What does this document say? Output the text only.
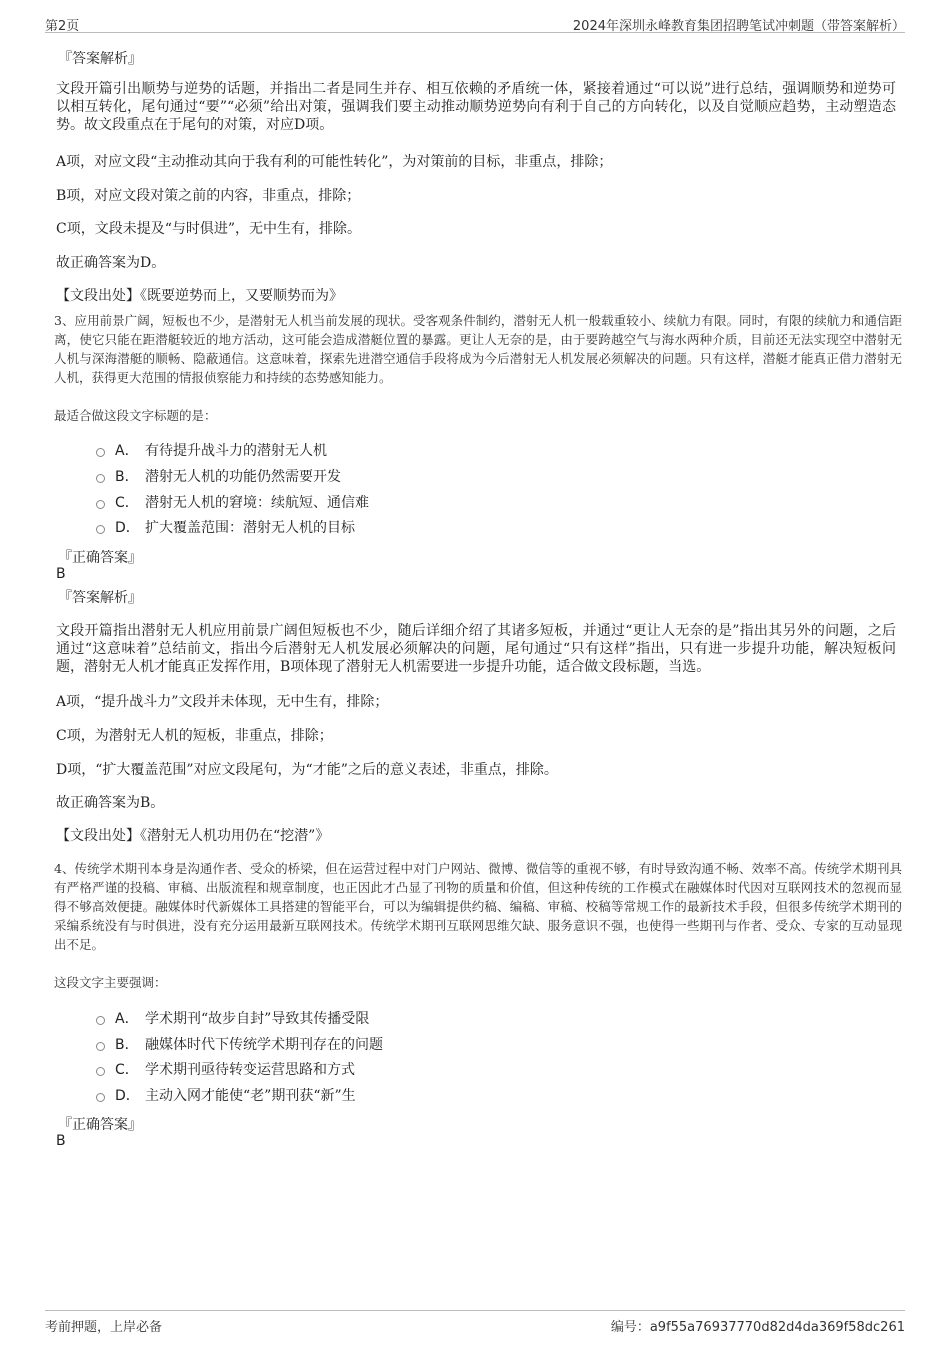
第2页	2024年深圳永峰教育集团招聘笔试冲刺题（带答案解析）
『答案解析』
文段开篇引出顺势与逆势的话题，并指出二者是同生并存、相互依赖的矛盾统一体，紧接着通过“可以说”进行总结，强调顺势和逆势可以相互转化，尾句通过“要”“必须”给出对策，强调我们要主动推动顺势逆势向有利于自己的方向转化，以及自觉顺应趋势，主动塑造态势。故文段重点在于尾句的对策，对应D项。
A项，对应文段“主动推动其向于我有利的可能性转化”，为对策前的目标，非重点，排除；
B项，对应文段对策之前的内容，非重点，排除；
C项，文段未提及“与时俱进”，无中生有，排除。
故正确答案为D。
【文段出处】《既要逆势而上，又要顺势而为》
3、应用前景广阔，短板也不少，是潜射无人机当前发展的现状。受客观条件制约，潜射无人机一般载重较小、续航力有限。同时，有限的续航力和通信距离，使它只能在距潜艇较近的地方活动，这可能会造成潜艇位置的暴露。更让人无奈的是，由于要跨越空气与海水两种介质，目前还无法实现空中潜射无人机与深海潜艇的顺畅、隐蔽通信。这意味着，探索先进潜空通信手段将成为今后潜射无人机发展必须解决的问题。只有这样，潜艇才能真正借力潜射无人机，获得更大范围的情报侦察能力和持续的态势感知能力。
最适合做这段文字标题的是：
A． 有待提升战斗力的潜射无人机
B． 潜射无人机的功能仍然需要开发
C． 潜射无人机的窘境：续航短、通信难
D． 扩大覆盖范围：潜射无人机的目标
『正确答案』
B
『答案解析』
文段开篇指出潜射无人机应用前景广阔但短板也不少，随后详细介绍了其诸多短板，并通过“更让人无奈的是”指出其另外的问题，之后通过“这意味着”总结前文，指出今后潜射无人机发展必须解决的问题，尾句通过“只有这样”指出，只有进一步提升功能，解决短板问题，潜射无人机才能真正发挥作用，B项体现了潜射无人机需要进一步提升功能，适合做文段标题，当选。
A项，“提升战斗力”文段并未体现，无中生有，排除；
C项，为潜射无人机的短板，非重点，排除；
D项，“扩大覆盖范围”对应文段尾句，为“才能”之后的意义表述，非重点，排除。
故正确答案为B。
【文段出处】《潜射无人机功用仍在“挖潜”》
4、传统学术期刊本身是沟通作者、受众的桥梁，但在运营过程中对门户网站、微博、微信等的重视不够，有时导致沟通不畅、效率不高。传统学术期刊具有严格严谨的投稿、审稿、出版流程和规章制度，也正因此才凸显了刊物的质量和价值，但这种传统的工作模式在融媒体时代因对互联网技术的忽视而显得不够高效便捷。融媒体时代新媒体工具搭建的智能平台，可以为编辑提供约稿、编稿、审稿、校稿等常规工作的最新技术手段，但很多传统学术期刊的采编系统没有与时俱进，没有充分运用最新互联网技术。传统学术期刊互联网思维欠缺、服务意识不强，也使得一些期刊与作者、受众、专家的互动显现出不足。
这段文字主要强调：
A． 学术期刊“故步自封”导致其传播受限
B． 融媒体时代下传统学术期刊存在的问题
C． 学术期刊亟待转变运营思路和方式
D． 主动入网才能使“老”期刊获“新”生
『正确答案』
B
考前押题，上岸必备	编号：a9f55a76937770d82d4da369f58dc261
